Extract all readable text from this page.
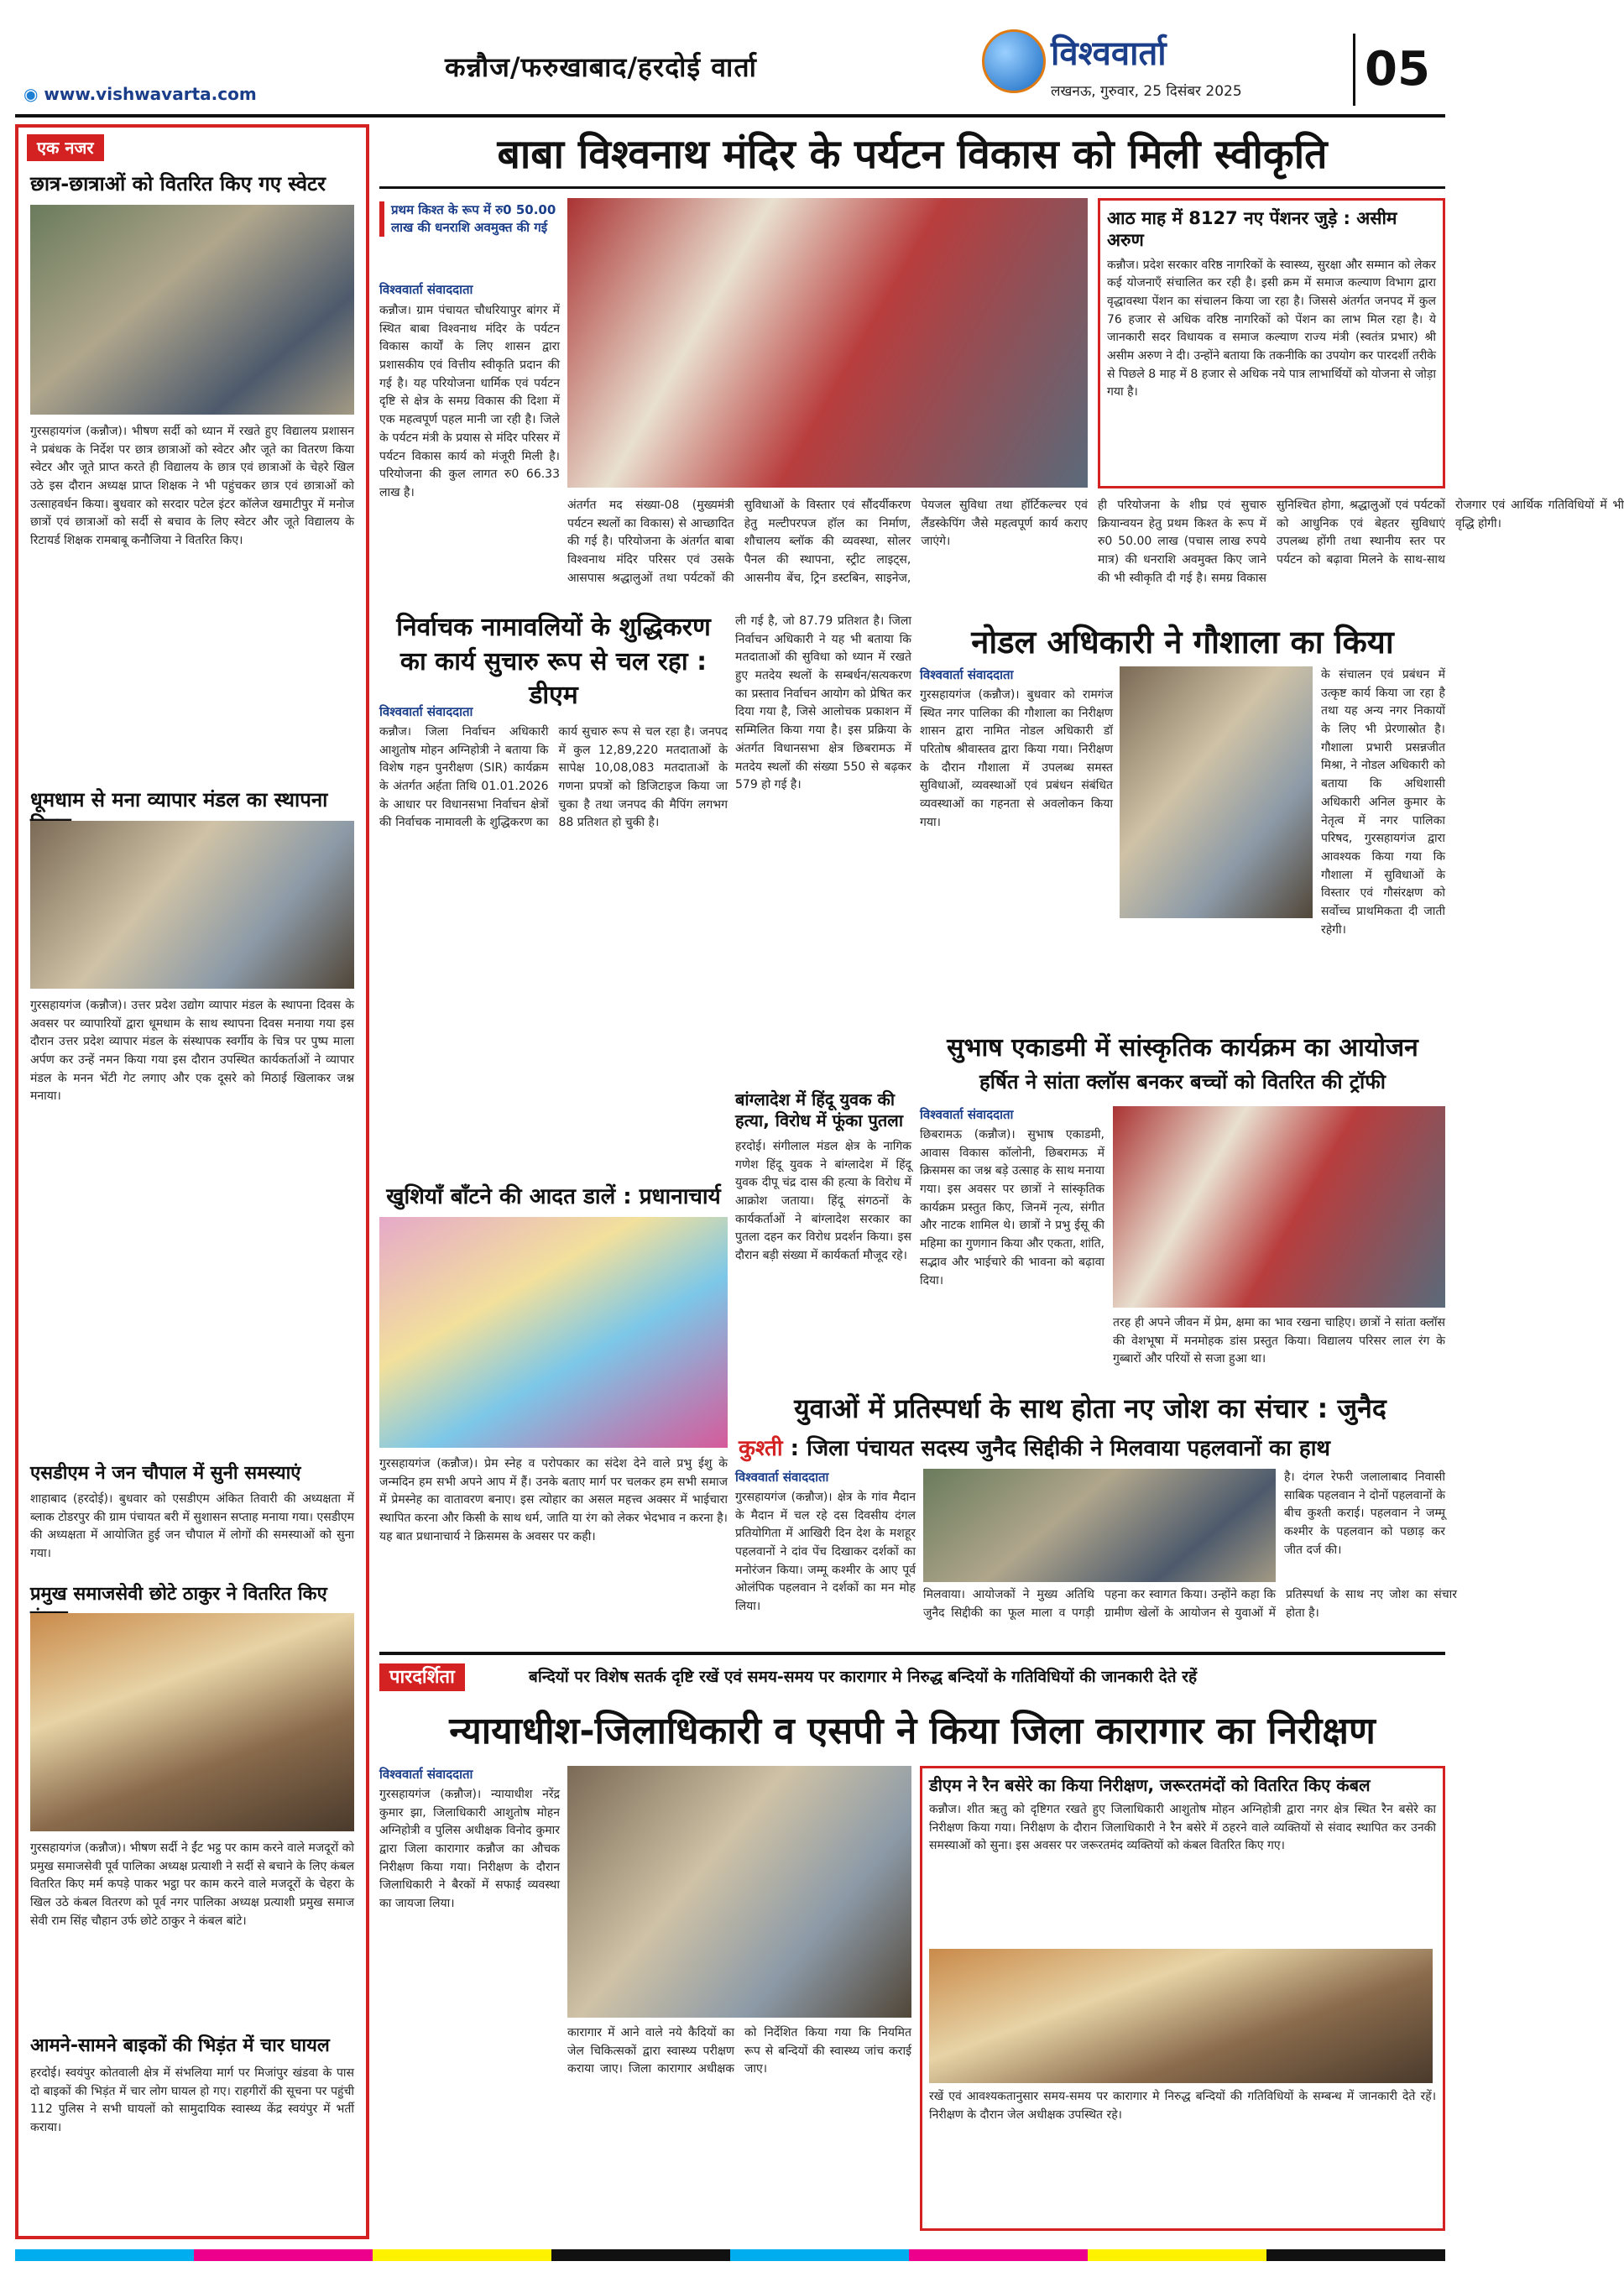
कन्नौज/फरुखाबाद/हरदोई वार्ता
◉ www.vishwavarta.com
विश्ववार्ता
लखनऊ, गुरुवार, 25 दिसंबर 2025	05
एक नजर
छात्र-छात्राओं को वितरित किए गए स्वेटर
गुरसहायगंज (कन्नौज)। भीषण सर्दी को ध्यान में रखते हुए विद्यालय प्रशासन ने प्रबंधक के निर्देश पर छात्र छात्राओं को स्वेटर और जूते का वितरण किया स्वेटर और जूते प्राप्त करते ही विद्यालय के छात्र एवं छात्राओं के चेहरे खिल उठे इस दौरान अध्यक्ष प्राप्त शिक्षक ने भी पहुंचकर छात्र एवं छात्राओं को उत्साहवर्धन किया। बुधवार को सरदार पटेल इंटर कॉलेज खमाटीपुर में मनोज छात्रों एवं छात्राओं को सर्दी से बचाव के लिए स्वेटर और जूते विद्यालय के रिटायर्ड शिक्षक रामबाबू कनौजिया ने वितरित किए।
धूमधाम से मना व्यापार मंडल का स्थापना
गुरसहायगंज (कन्नौज)। उत्तर प्रदेश उद्योग व्यापार मंडल के स्थापना दिवस के अवसर पर व्यापारियों द्वारा धूमधाम के साथ स्थापना दिवस मनाया गया इस दौरान उत्तर प्रदेश व्यापार मंडल के संस्थापक स्वर्गीय के चित्र पर पुष्प माला अर्पण कर उन्हें नमन किया गया इस दौरान उपस्थित कार्यकर्ताओं ने व्यापार मंडल के मनन भेंटी गेट लगाए और एक दूसरे को मिठाई खिलाकर जश्न मनाया।
एसडीएम ने जन चौपाल में सुनी समस्याएं
शाहाबाद (हरदोई)। बुधवार को एसडीएम अंकित तिवारी की अध्यक्षता में ब्लाक टोडरपुर की ग्राम पंचायत बरी में सुशासन सप्ताह मनाया गया। एसडीएम की अध्यक्षता में आयोजित हुई जन चौपाल में लोगों की समस्याओं को सुना गया।
प्रमुख समाजसेवी छोटे ठाकुर ने वितरित किए
गुरसहायगंज (कन्नौज)। भीषण सर्दी ने ईंट भट्ठ पर काम करने वाले मजदूरों को प्रमुख समाजसेवी पूर्व पालिका अध्यक्ष प्रत्याशी ने सर्दी से बचाने के लिए कंबल वितरित किए मर्म कपड़े पाकर भट्ठा पर काम करने वाले मजदूरों के चेहरा के खिल उठे कंबल वितरण को पूर्व नगर पालिका अध्यक्ष प्रत्याशी प्रमुख समाज सेवी राम सिंह चौहान उर्फ छोटे ठाकुर ने कंबल बांटे।
आमने-सामने बाइकों की भिड़ंत में चार घायल
हरदोई। स्वयंपुर कोतवाली क्षेत्र में संभलिया मार्ग पर मिजांपुर खंडवा के पास दो बाइकों की भिड़ंत में चार लोग घायल हो गए। राहगीरों की सूचना पर पहुंची 112 पुलिस ने सभी घायलों को सामुदायिक स्वास्थ्य केंद्र स्वयंपुर में भर्ती कराया।
बाबा विश्वनाथ मंदिर के पर्यटन विकास को मिली स्वीकृति
प्रथम किश्त के रूप में रु0 50.00 लाख की धनराशि अवमुक्त की गई
विश्ववार्ता संवाददाता
कन्नौज। ग्राम पंचायत चौधरियापुर बांगर में स्थित बाबा विश्वनाथ मंदिर के पर्यटन विकास कार्यों के लिए शासन द्वारा प्रशासकीय एवं वित्तीय स्वीकृति प्रदान की गई है। यह परियोजना धार्मिक एवं पर्यटन दृष्टि से क्षेत्र के समग्र विकास की दिशा में एक महत्वपूर्ण पहल मानी जा रही है। जिले के पर्यटन मंत्री के प्रयास से मंदिर परिसर में पर्यटन विकास कार्य को मंजूरी मिली है। परियोजना की कुल लागत रु0 66.33 लाख है।
अंतर्गत मद संख्या-08 (मुख्यमंत्री पर्यटन स्थलों का विकास) से आच्छादित की गई है। परियोजना के अंतर्गत बाबा विश्वनाथ मंदिर परिसर एवं उसके आसपास श्रद्धालुओं तथा पर्यटकों की सुविधाओं के विस्तार एवं सौंदर्यीकरण हेतु मल्टीपरपज हॉल का निर्माण, शौचालय ब्लॉक की व्यवस्था, सोलर पैनल की स्थापना, स्ट्रीट लाइट्स, आसनीय बेंच, ट्रिन डस्टबिन, साइनेज, पेयजल सुविधा तथा हॉर्टिकल्चर एवं लैंडस्केपिंग जैसे महत्वपूर्ण कार्य कराए जाएंगे।
आठ माह में 8127 नए पेंशनर जुड़े : असीम अरुण
कन्नौज। प्रदेश सरकार वरिष्ठ नागरिकों के स्वास्थ्य, सुरक्षा और सम्मान को लेकर कई योजनाएँ संचालित कर रही है। इसी क्रम में समाज कल्याण विभाग द्वारा वृद्धावस्था पेंशन का संचालन किया जा रहा है। जिससे अंतर्गत जनपद में कुल 76 हजार से अधिक वरिष्ठ नागरिकों को पेंशन का लाभ मिल रहा है। ये जानकारी सदर विधायक व समाज कल्याण राज्य मंत्री (स्वतंत्र प्रभार) श्री असीम अरुण ने दी। उन्होंने बताया कि तकनीकि का उपयोग कर पारदर्शी तरीके से पिछले 8 माह में 8 हजार से अधिक नये पात्र लाभार्थियों को योजना से जोड़ा गया है।
ही परियोजना के शीघ्र एवं सुचारु क्रियान्वयन हेतु प्रथम किश्त के रूप में रु0 50.00 लाख (पचास लाख रुपये मात्र) की धनराशि अवमुक्त किए जाने की भी स्वीकृति दी गई है। समग्र विकास सुनिश्चित होगा, श्रद्धालुओं एवं पर्यटकों को आधुनिक एवं बेहतर सुविधाएं उपलब्ध होंगी तथा स्थानीय स्तर पर पर्यटन को बढ़ावा मिलने के साथ-साथ रोजगार एवं आर्थिक गतिविधियों में भी वृद्धि होगी।
निर्वाचक नामावलियों के शुद्धिकरण का कार्य सुचारु रूप से चल रहा : डीएम
विश्ववार्ता संवाददाता
कन्नौज। जिला निर्वाचन अधिकारी आशुतोष मोहन अग्निहोत्री ने बताया कि विशेष गहन पुनरीक्षण (SIR) कार्यक्रम के अंतर्गत अर्हता तिथि 01.01.2026 के आधार पर विधानसभा निर्वाचन क्षेत्रों की निर्वाचक नामावली के शुद्धिकरण का कार्य सुचारु रूप से चल रहा है। जनपद में कुल 12,89,220 मतदाताओं के सापेक्ष 10,08,083 मतदाताओं के गणना प्रपत्रों को डिजिटाइज किया जा चुका है तथा जनपद की मैपिंग लगभग 88 प्रतिशत हो चुकी है।
ली गई है, जो 87.79 प्रतिशत है। जिला निर्वाचन अधिकारी ने यह भी बताया कि मतदाताओं की सुविधा को ध्यान में रखते हुए मतदेय स्थलों के सम्बर्धन/सत्यकरण का प्रस्ताव निर्वाचन आयोग को प्रेषित कर दिया गया है, जिसे आलोचक प्रकाशन में सम्मिलित किया गया है। इस प्रक्रिया के अंतर्गत विधानसभा क्षेत्र छिबरामऊ में मतदेय स्थलों की संख्या 550 से बढ़कर 579 हो गई है।
नोडल अधिकारी ने गौशाला का किया
विश्ववार्ता संवाददाता
गुरसहायगंज (कन्नौज)। बुधवार को रामगंज स्थित नगर पालिका की गौशाला का निरीक्षण शासन द्वारा नामित नोडल अधिकारी डॉ परितोष श्रीवास्तव द्वारा किया गया। निरीक्षण के दौरान गौशाला में उपलब्ध समस्त सुविधाओं, व्यवस्थाओं एवं प्रबंधन संबंधित व्यवस्थाओं का गहनता से अवलोकन किया गया।
के संचालन एवं प्रबंधन में उत्कृष्ट कार्य किया जा रहा है तथा यह अन्य नगर निकायों के लिए भी प्रेरणास्रोत है। गौशाला प्रभारी प्रसन्नजीत मिश्रा, ने नोडल अधिकारी को बताया कि अधिशासी अधिकारी अनिल कुमार के नेतृत्व में नगर पालिका परिषद, गुरसहायगंज द्वारा आवश्यक किया गया कि गौशाला में सुविधाओं के विस्तार एवं गौसंरक्षण को सर्वोच्च प्राथमिकता दी जाती रहेगी।
बांग्लादेश में हिंदू युवक की हत्या, विरोध में फूंका पुतला
हरदोई। संगीलाल मंडल क्षेत्र के नागिक गणेश हिंदू युवक ने बांग्लादेश में हिंदू युवक दीपू चंद्र दास की हत्या के विरोध में आक्रोश जताया। हिंदू संगठनों के कार्यकर्ताओं ने बांग्लादेश सरकार का पुतला दहन कर विरोध प्रदर्शन किया। इस दौरान बड़ी संख्या में कार्यकर्ता मौजूद रहे।
सुभाष एकाडमी में सांस्कृतिक कार्यक्रम का आयोजन
हर्षित ने सांता क्लॉस बनकर बच्चों को वितरित की ट्रॉफी
विश्ववार्ता संवाददाता
छिबरामऊ (कन्नौज)। सुभाष एकाडमी, आवास विकास कॉलोनी, छिबरामऊ में क्रिसमस का जश्न बड़े उत्साह के साथ मनाया गया। इस अवसर पर छात्रों ने सांस्कृतिक कार्यक्रम प्रस्तुत किए, जिनमें नृत्य, संगीत और नाटक शामिल थे। छात्रों ने प्रभु ईसू की महिमा का गुणगान किया और एकता, शांति, सद्भाव और भाईचारे की भावना को बढ़ावा दिया।
तरह ही अपने जीवन में प्रेम, क्षमा का भाव रखना चाहिए। छात्रों ने सांता क्लॉस की वेशभूषा में मनमोहक डांस प्रस्तुत किया। विद्यालय परिसर लाल रंग के गुब्बारों और परियों से सजा हुआ था।
खुशियाँ बाँटने की आदत डालें : प्रधानाचार्य
गुरसहायगंज (कन्नौज)। प्रेम स्नेह व परोपकार का संदेश देने वाले प्रभु ईशु के जन्मदिन हम सभी अपने आप में हैं। उनके बताए मार्ग पर चलकर हम सभी समाज में प्रेमस्नेह का वातावरण बनाए। इस त्योहार का असल महत्त्व अक्सर में भाईचारा स्थापित करना और किसी के साथ धर्म, जाति या रंग को लेकर भेदभाव न करना है। यह बात प्रधानाचार्य ने क्रिसमस के अवसर पर कही।
युवाओं में प्रतिस्पर्धा के साथ होता नए जोश का संचार : जुनैद
कुश्ती : जिला पंचायत सदस्य जुनैद सिद्दीकी ने मिलवाया पहलवानों का हाथ
विश्ववार्ता संवाददाता
गुरसहायगंज (कन्नौज)। क्षेत्र के गांव मैदान के मैदान में चल रहे दस दिवसीय दंगल प्रतियोगिता में आखिरी दिन देश के मशहूर पहलवानों ने दांव पेंच दिखाकर दर्शकों का मनोरंजन किया। जम्मू कश्मीर के आए पूर्व ओलंपिक पहलवान ने दर्शकों का मन मोह लिया।
मिलवाया। आयोजकों ने मुख्य अतिथि जुनैद सिद्दीकी का फूल माला व पगड़ी पहना कर स्वागत किया। उन्होंने कहा कि ग्रामीण खेलों के आयोजन से युवाओं में प्रतिस्पर्धा के साथ नए जोश का संचार होता है।
है। दंगल रेफरी जलालाबाद निवासी साबिक पहलवान ने दोनों पहलवानों के बीच कुश्ती कराई। पहलवान ने जम्मू कश्मीर के पहलवान को पछाड़ कर जीत दर्ज की।
पारदर्शिता	बन्दियों पर विशेष सतर्क दृष्टि रखें एवं समय-समय पर कारागार मे निरुद्ध बन्दियों के गतिविधियों की जानकारी देते रहें
न्यायाधीश-जिलाधिकारी व एसपी ने किया जिला कारागार का निरीक्षण
विश्ववार्ता संवाददाता
गुरसहायगंज (कन्नौज)। न्यायाधीश नरेंद्र कुमार झा, जिलाधिकारी आशुतोष मोहन अग्निहोत्री व पुलिस अधीक्षक विनोद कुमार द्वारा जिला कारागार कन्नौज का औचक निरीक्षण किया गया। निरीक्षण के दौरान जिलाधिकारी ने बैरकों में सफाई व्यवस्था का जायजा लिया।
कारागार में आने वाले नये कैदियों का जेल चिकित्सकों द्वारा स्वास्थ्य परीक्षण कराया जाए। जिला कारागार अधीक्षक को निर्देशित किया गया कि नियमित रूप से बन्दियों की स्वास्थ्य जांच कराई जाए।
डीएम ने रैन बसेरे का किया निरीक्षण, जरूरतमंदों को वितरित किए कंबल
कन्नौज। शीत ऋतु को दृष्टिगत रखते हुए जिलाधिकारी आशुतोष मोहन अग्निहोत्री द्वारा नगर क्षेत्र स्थित रैन बसेरे का निरीक्षण किया गया। निरीक्षण के दौरान जिलाधिकारी ने रैन बसेरे में ठहरने वाले व्यक्तियों से संवाद स्थापित कर उनकी समस्याओं को सुना। इस अवसर पर जरूरतमंद व्यक्तियों को कंबल वितरित किए गए।
रखें एवं आवश्यकतानुसार समय-समय पर कारागार मे निरुद्ध बन्दियों की गतिविधियों के सम्बन्ध में जानकारी देते रहें। निरीक्षण के दौरान जेल अधीक्षक उपस्थित रहे।
